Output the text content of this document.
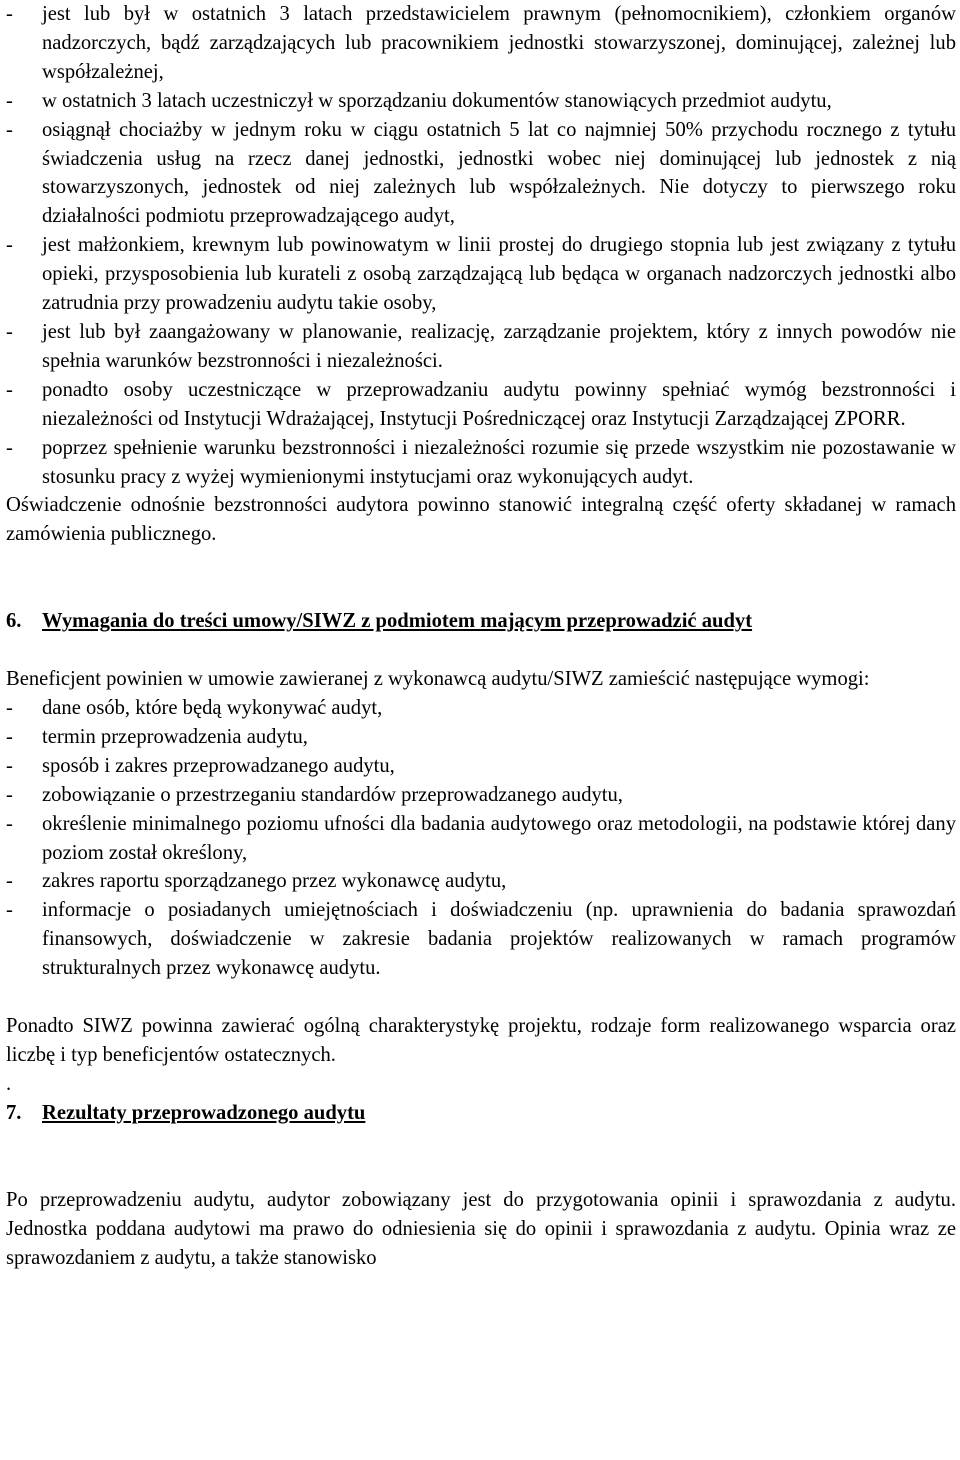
- jest lub był w ostatnich 3 latach przedstawicielem prawnym (pełnomocnikiem), członkiem organów nadzorczych, bądź zarządzających lub pracownikiem jednostki stowarzyszonej, dominującej, zależnej lub współzależnej,
- w ostatnich 3 latach uczestniczył w sporządzaniu dokumentów stanowiących przedmiot audytu,
- osiągnął chociażby w jednym roku w ciągu ostatnich 5 lat co najmniej 50% przychodu rocznego z tytułu świadczenia usług na rzecz danej jednostki, jednostki wobec niej dominującej lub jednostek z nią stowarzyszonych, jednostek od niej zależnych lub współzależnych. Nie dotyczy to pierwszego roku działalności podmiotu przeprowadzającego audyt,
- jest małżonkiem, krewnym lub powinowatym w linii prostej do drugiego stopnia lub jest związany z tytułu opieki, przysposobienia lub kurateli z osobą zarządzającą lub będąca w organach nadzorczych jednostki albo zatrudnia przy prowadzeniu audytu takie osoby,
- jest lub był zaangażowany w planowanie, realizację, zarządzanie projektem, który z innych powodów nie spełnia warunków bezstronności i niezależności.
- ponadto osoby uczestniczące w przeprowadzaniu audytu powinny spełniać wymóg bezstronności i niezależności od Instytucji Wdrażającej, Instytucji Pośredniczącej oraz Instytucji Zarządzającej ZPORR.
- poprzez spełnienie warunku bezstronności i niezależności rozumie się przede wszystkim nie pozostawanie w stosunku pracy z wyżej wymienionymi instytucjami oraz wykonujących audyt.

Oświadczenie odnośnie bezstronności audytora powinno stanowić integralną część oferty składanej w ramach zamówienia publicznego.

6. Wymagania do treści umowy/SIWZ z podmiotem mającym przeprowadzić audyt

Beneficjent powinien w umowie zawieranej z wykonawcą audytu/SIWZ zamieścić następujące wymogi:

- dane osób, które będą wykonywać audyt,
- termin przeprowadzenia audytu,
- sposób i zakres przeprowadzanego audytu,
- zobowiązanie o przestrzeganiu standardów przeprowadzanego audytu,
- określenie minimalnego poziomu ufności dla badania audytowego oraz metodologii, na podstawie której dany poziom został określony,
- zakres raportu sporządzanego przez wykonawcę audytu,
- informacje o posiadanych umiejętnościach i doświadczeniu (np. uprawnienia do badania sprawozdań finansowych, doświadczenie w zakresie badania projektów realizowanych w ramach programów strukturalnych przez wykonawcę audytu.

Ponadto SIWZ powinna zawierać ogólną charakterystykę projektu, rodzaje form realizowanego wsparcia oraz liczbę i typ beneficjentów ostatecznych.

.

7. Rezultaty przeprowadzonego audytu

Po przeprowadzeniu audytu, audytor zobowiązany jest do przygotowania opinii i sprawozdania z audytu. Jednostka poddana audytowi ma prawo do odniesienia się do opinii i sprawozdania z audytu. Opinia wraz ze sprawozdaniem z audytu, a także stanowisko
